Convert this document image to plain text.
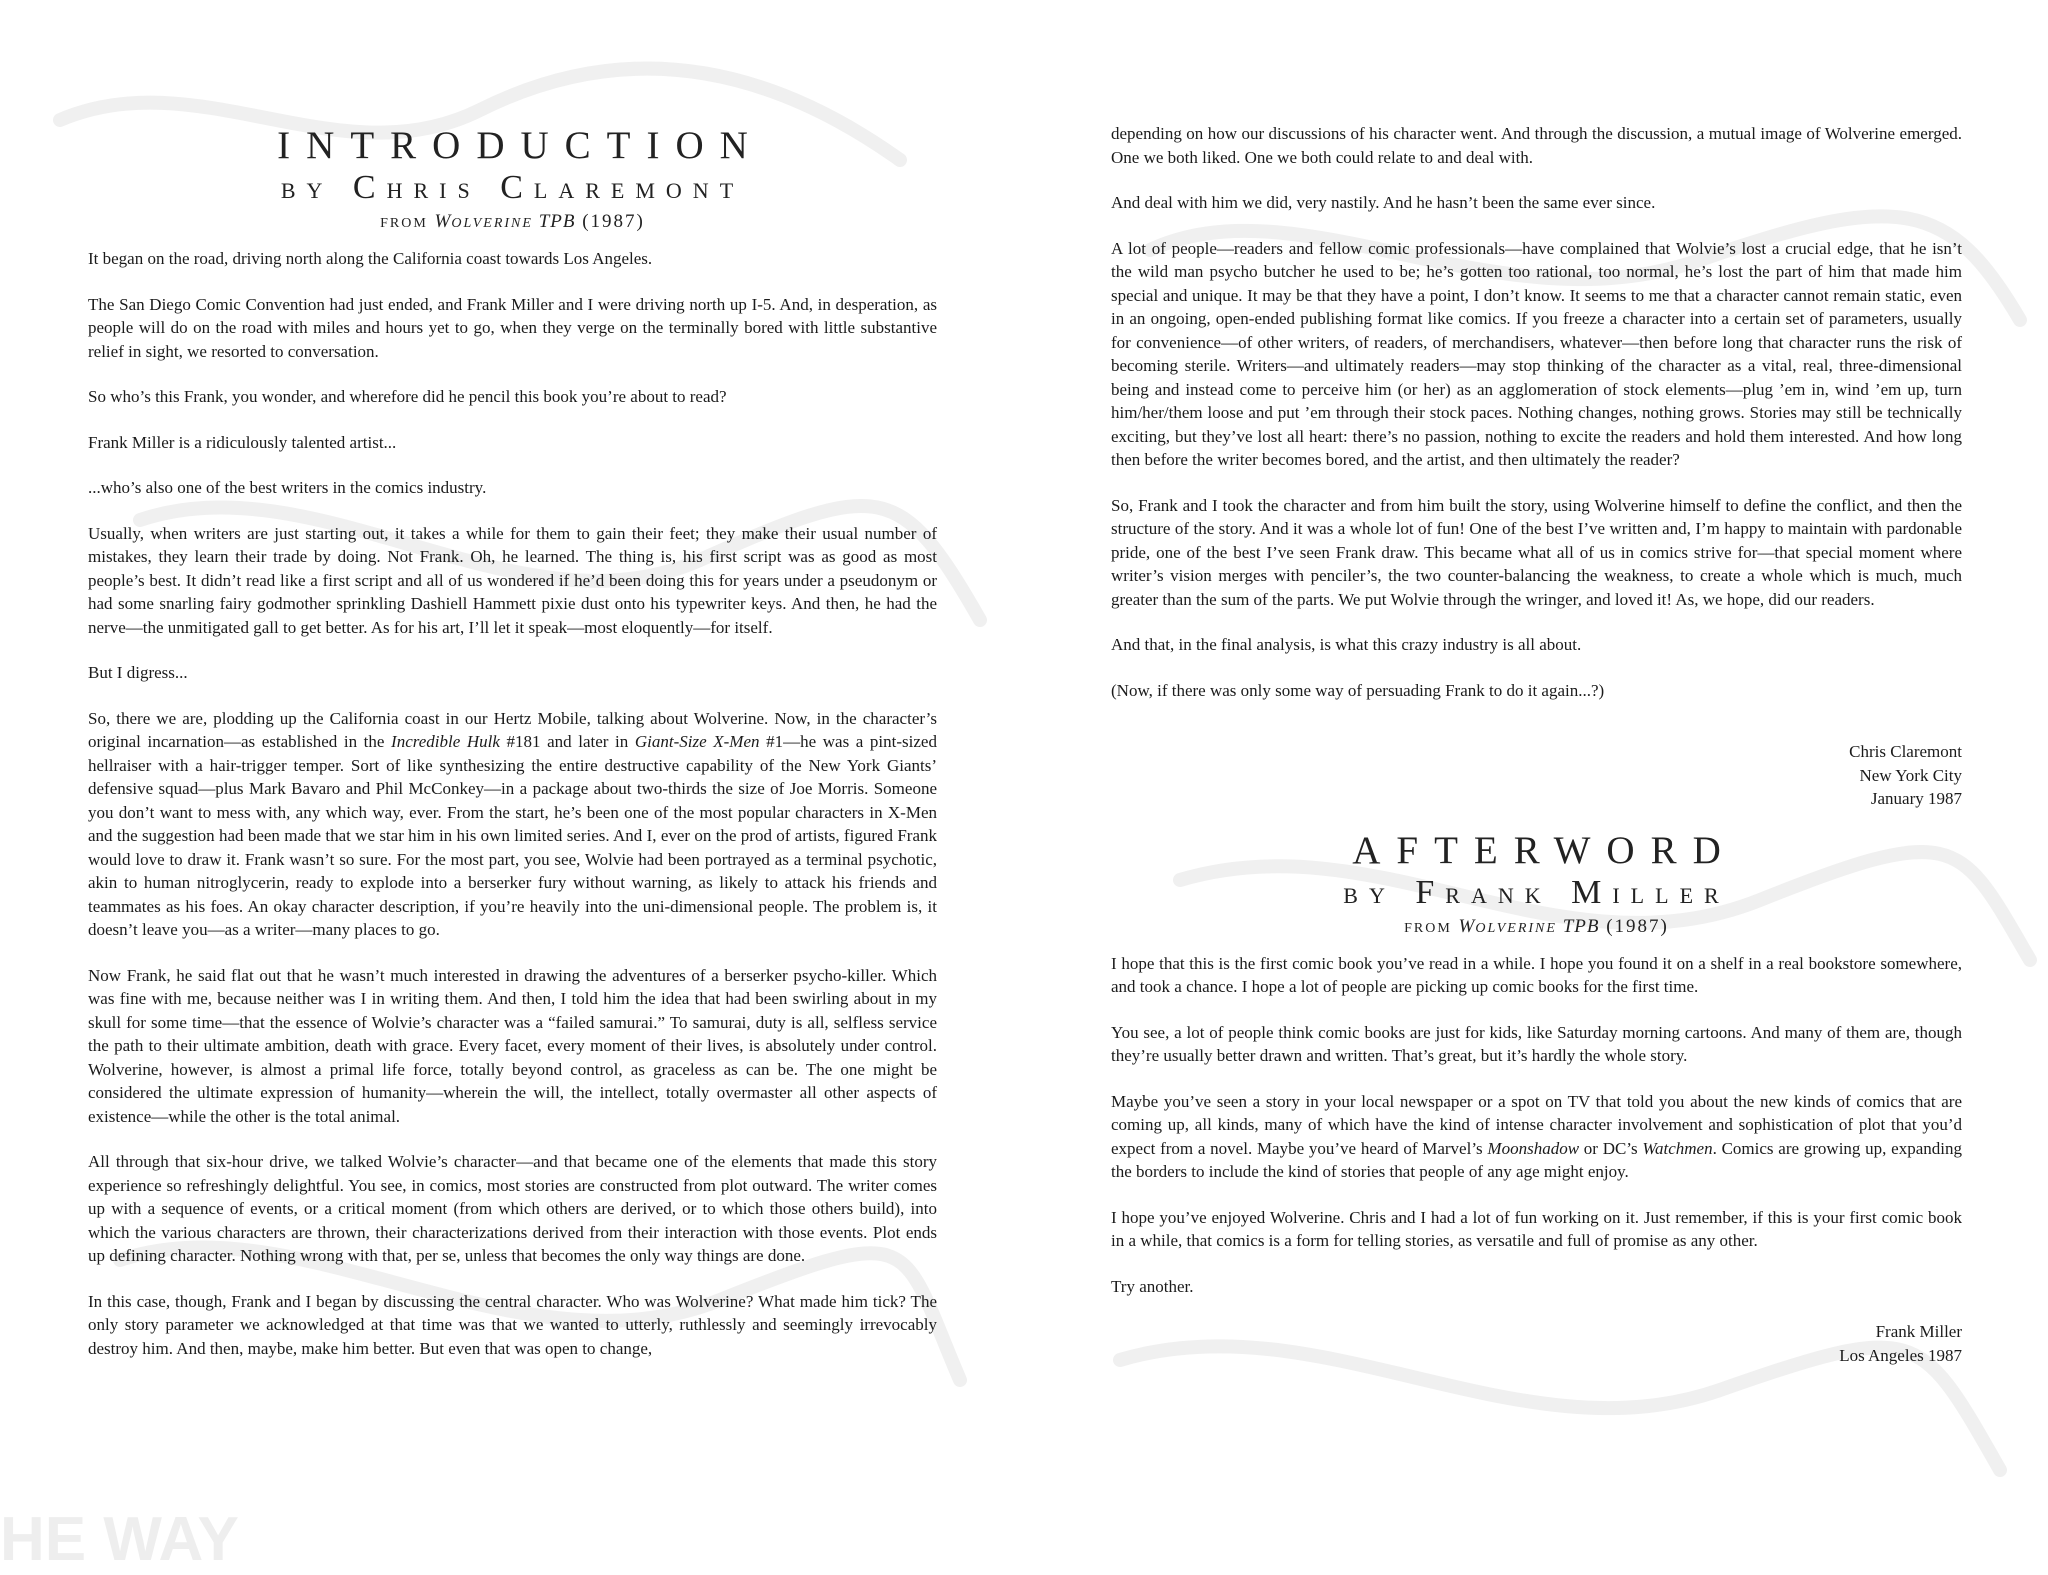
HE WAY
INTRODUCTION
BY CHRIS CLAREMONT
FROM WOLVERINE TPB (1987)

It began on the road, driving north along the California coast towards Los Angeles.

The San Diego Comic Convention had just ended, and Frank Miller and I were driving north up I-5. And, in desperation, as people will do on the road with miles and hours yet to go, when they verge on the terminally bored with little substantive relief in sight, we resorted to conversation.

So who’s this Frank, you wonder, and wherefore did he pencil this book you’re about to read?

Frank Miller is a ridiculously talented artist...

...who’s also one of the best writers in the comics industry.

Usually, when writers are just starting out, it takes a while for them to gain their feet; they make their usual number of mistakes, they learn their trade by doing. Not Frank. Oh, he learned. The thing is, his first script was as good as most people’s best. It didn’t read like a first script and all of us wondered if he’d been doing this for years under a pseudonym or had some snarling fairy godmother sprinkling Dashiell Hammett pixie dust onto his typewriter keys. And then, he had the nerve—the unmitigated gall to get better. As for his art, I’ll let it speak—most eloquently—for itself.

But I digress...

So, there we are, plodding up the California coast in our Hertz Mobile, talking about Wolverine. Now, in the character’s original incarnation—as established in the Incredible Hulk #181 and later in Giant-Size X-Men #1—he was a pint-sized hellraiser with a hair-trigger temper. Sort of like synthesizing the entire destructive capability of the New York Giants’ defensive squad—plus Mark Bavaro and Phil McConkey—in a package about two-thirds the size of Joe Morris. Someone you don’t want to mess with, any which way, ever. From the start, he’s been one of the most popular characters in X-Men and the suggestion had been made that we star him in his own limited series. And I, ever on the prod of artists, figured Frank would love to draw it. Frank wasn’t so sure. For the most part, you see, Wolvie had been portrayed as a terminal psychotic, akin to human nitroglycerin, ready to explode into a berserker fury without warning, as likely to attack his friends and teammates as his foes. An okay character description, if you’re heavily into the uni-dimensional people. The problem is, it doesn’t leave you—as a writer—many places to go.

Now Frank, he said flat out that he wasn’t much interested in drawing the adventures of a berserker psycho-killer. Which was fine with me, because neither was I in writing them. And then, I told him the idea that had been swirling about in my skull for some time—that the essence of Wolvie’s character was a “failed samurai.” To samurai, duty is all, selfless service the path to their ultimate ambition, death with grace. Every facet, every moment of their lives, is absolutely under control. Wolverine, however, is almost a primal life force, totally beyond control, as graceless as can be. The one might be considered the ultimate expression of humanity—wherein the will, the intellect, totally overmaster all other aspects of existence—while the other is the total animal.

All through that six-hour drive, we talked Wolvie’s character—and that became one of the elements that made this story experience so refreshingly delightful. You see, in comics, most stories are constructed from plot outward. The writer comes up with a sequence of events, or a critical moment (from which others are derived, or to which those others build), into which the various characters are thrown, their characterizations derived from their interaction with those events. Plot ends up defining character. Nothing wrong with that, per se, unless that becomes the only way things are done.

In this case, though, Frank and I began by discussing the central character. Who was Wolverine? What made him tick? The only story parameter we acknowledged at that time was that we wanted to utterly, ruthlessly and seemingly irrevocably destroy him. And then, maybe, make him better. But even that was open to change,

depending on how our discussions of his character went. And through the discussion, a mutual image of Wolverine emerged. One we both liked. One we both could relate to and deal with.

And deal with him we did, very nastily. And he hasn’t been the same ever since.

A lot of people—readers and fellow comic professionals—have complained that Wolvie’s lost a crucial edge, that he isn’t the wild man psycho butcher he used to be; he’s gotten too rational, too normal, he’s lost the part of him that made him special and unique. It may be that they have a point, I don’t know. It seems to me that a character cannot remain static, even in an ongoing, open-ended publishing format like comics. If you freeze a character into a certain set of parameters, usually for convenience—of other writers, of readers, of merchandisers, whatever—then before long that character runs the risk of becoming sterile. Writers—and ultimately readers—may stop thinking of the character as a vital, real, three-dimensional being and instead come to perceive him (or her) as an agglomeration of stock elements—plug ’em in, wind ’em up, turn him/her/them loose and put ’em through their stock paces. Nothing changes, nothing grows. Stories may still be technically exciting, but they’ve lost all heart: there’s no passion, nothing to excite the readers and hold them interested. And how long then before the writer becomes bored, and the artist, and then ultimately the reader?

So, Frank and I took the character and from him built the story, using Wolverine himself to define the conflict, and then the structure of the story. And it was a whole lot of fun! One of the best I’ve written and, I’m happy to maintain with pardonable pride, one of the best I’ve seen Frank draw. This became what all of us in comics strive for—that special moment where writer’s vision merges with penciler’s, the two counter-balancing the weakness, to create a whole which is much, much greater than the sum of the parts. We put Wolvie through the wringer, and loved it! As, we hope, did our readers.

And that, in the final analysis, is what this crazy industry is all about.

(Now, if there was only some way of persuading Frank to do it again...?)

Chris Claremont
New York City
January 1987
AFTERWORD
BY FRANK MILLER
FROM WOLVERINE TPB (1987)

I hope that this is the first comic book you’ve read in a while. I hope you found it on a shelf in a real bookstore somewhere, and took a chance. I hope a lot of people are picking up comic books for the first time.

You see, a lot of people think comic books are just for kids, like Saturday morning cartoons. And many of them are, though they’re usually better drawn and written. That’s great, but it’s hardly the whole story.

Maybe you’ve seen a story in your local newspaper or a spot on TV that told you about the new kinds of comics that are coming up, all kinds, many of which have the kind of intense character involvement and sophistication of plot that you’d expect from a novel. Maybe you’ve heard of Marvel’s Moonshadow or DC’s Watchmen. Comics are growing up, expanding the borders to include the kind of stories that people of any age might enjoy.

I hope you’ve enjoyed Wolverine. Chris and I had a lot of fun working on it. Just remember, if this is your first comic book in a while, that comics is a form for telling stories, as versatile and full of promise as any other.

Try another.

Frank Miller
Los Angeles 1987
